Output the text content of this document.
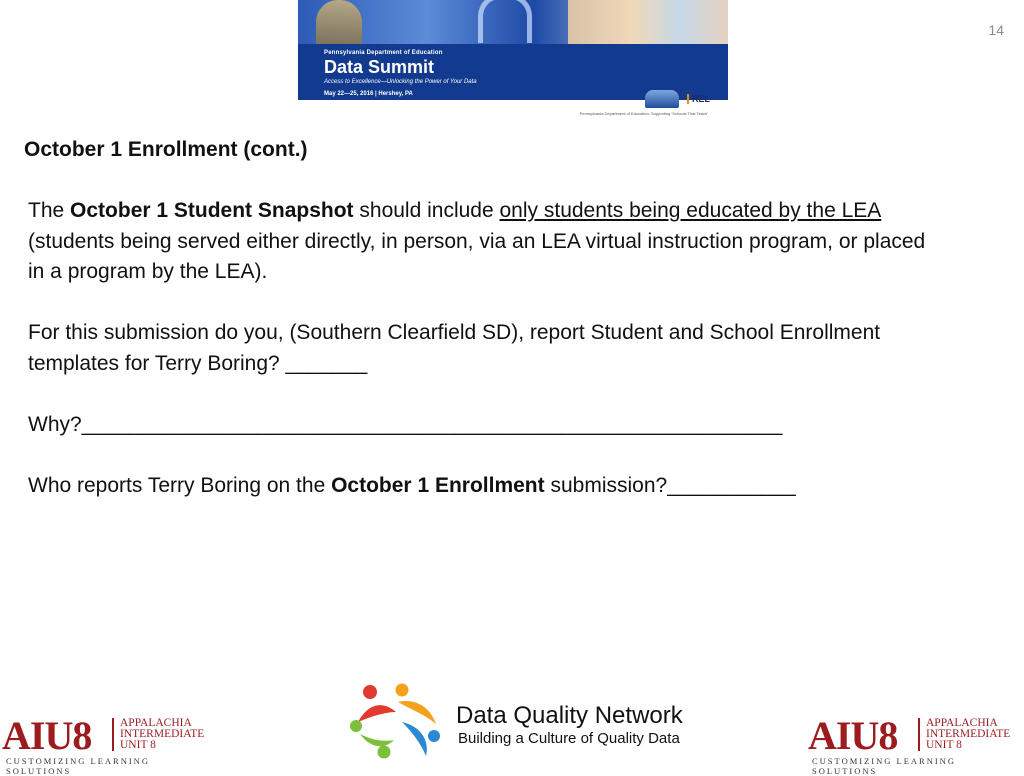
14
Pennsylvania Department of Education
Data Summit
Access to Excellence—Unlocking the Power of Your Data
May 22—25, 2016 | Hershey, PA	REL
Pennsylvania Department of Education: Supporting 'Schools That Teach'
October 1 Enrollment (cont.)

The October 1 Student Snapshot should include only students being educated by the LEA (students being served either directly, in person, via an LEA virtual instruction program, or placed in a program by the LEA).

For this submission do you, (Southern Clearfield SD), report Student and School Enrollment templates for Terry Boring? _______

Why?____________________________________________________________

Who reports Terry Boring on the October 1 Enrollment submission?___________

AIU8 APPALACHIA
INTERMEDIATE
UNIT 8
CUSTOMIZING LEARNING SOLUTIONS
Data Quality Network
Building a Culture of Quality Data	AIU8 APPALACHIA
INTERMEDIATE
UNIT 8
CUSTOMIZING LEARNING SOLUTIONS
